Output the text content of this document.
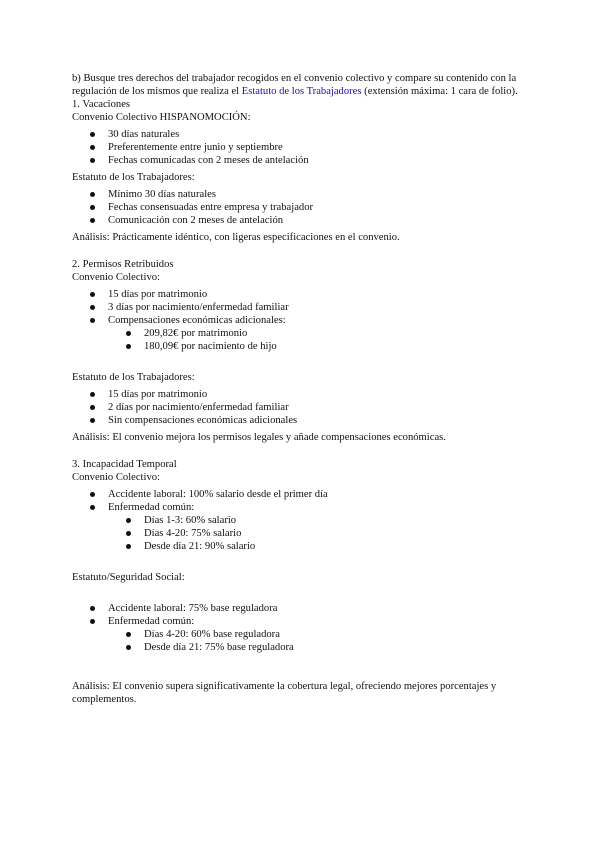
b) Busque tres derechos del trabajador recogidos en el convenio colectivo y compare su contenido con la regulación de los mismos que realiza el Estatuto de los Trabajadores (extensión máxima: 1 cara de folio).

1. Vacaciones

Convenio Colectivo HISPANOMOCIÓN:

30 días naturales
Preferentemente entre junio y septiembre
Fechas comunicadas con 2 meses de antelación

Estatuto de los Trabajadores:

Mínimo 30 días naturales
Fechas consensuadas entre empresa y trabajador
Comunicación con 2 meses de antelación

Análisis: Prácticamente idéntico, con ligeras especificaciones en el convenio.

2. Permisos Retribuidos

Convenio Colectivo:

15 días por matrimonio
3 días por nacimiento/enfermedad familiar
Compensaciones económicas adicionales:
209,82€ por matrimonio
180,09€ por nacimiento de hijo

Estatuto de los Trabajadores:

15 días por matrimonio
2 días por nacimiento/enfermedad familiar
Sin compensaciones económicas adicionales

Análisis: El convenio mejora los permisos legales y añade compensaciones económicas.

3. Incapacidad Temporal

Convenio Colectivo:

Accidente laboral: 100% salario desde el primer día
Enfermedad común:
Días 1-3: 60% salario
Días 4-20: 75% salario
Desde día 21: 90% salario

Estatuto/Seguridad Social:

Accidente laboral: 75% base reguladora
Enfermedad común:
Días 4-20: 60% base reguladora
Desde día 21: 75% base reguladora

Análisis: El convenio supera significativamente la cobertura legal, ofreciendo mejores porcentajes y complementos.
